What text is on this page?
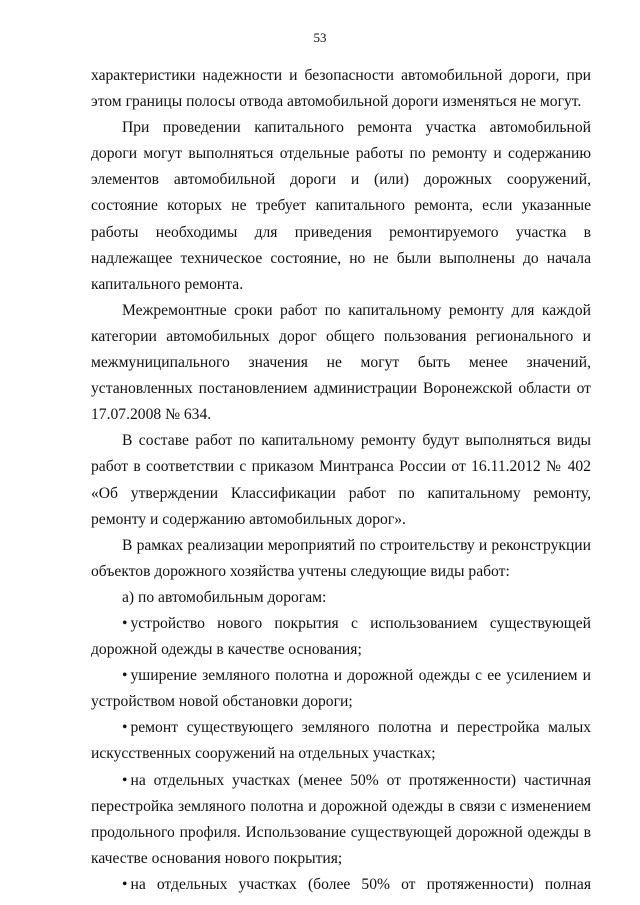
53

характеристики надежности и безопасности автомобильной дороги, при этом границы полосы отвода автомобильной дороги изменяться не могут.

При проведении капитального ремонта участка автомобильной дороги могут выполняться отдельные работы по ремонту и содержанию элементов автомобильной дороги и (или) дорожных сооружений, состояние которых не требует капитального ремонта, если указанные работы необходимы для приведения ремонтируемого участка в надлежащее техническое состояние, но не были выполнены до начала капитального ремонта.

Межремонтные сроки работ по капитальному ремонту для каждой категории автомобильных дорог общего пользования регионального и межмуниципального значения не могут быть менее значений, установленных постановлением администрации Воронежской области от 17.07.2008 № 634.

В составе работ по капитальному ремонту будут выполняться виды работ в соответствии с приказом Минтранса России от 16.11.2012 № 402 «Об утверждении Классификации работ по капитальному ремонту, ремонту и содержанию автомобильных дорог».

В рамках реализации мероприятий по строительству и реконструкции объектов дорожного хозяйства учтены следующие виды работ:

а) по автомобильным дорогам:

• устройство нового покрытия с использованием существующей дорожной одежды в качестве основания;

• уширение земляного полотна и дорожной одежды с ее усилением и устройством новой обстановки дороги;

• ремонт существующего земляного полотна и перестройка малых искусственных сооружений на отдельных участках;

• на отдельных участках (менее 50% от протяженности) частичная перестройка земляного полотна и дорожной одежды в связи с изменением продольного профиля. Использование существующей дорожной одежды в качестве основания нового покрытия;

• на отдельных участках (более 50% от протяженности) полная
